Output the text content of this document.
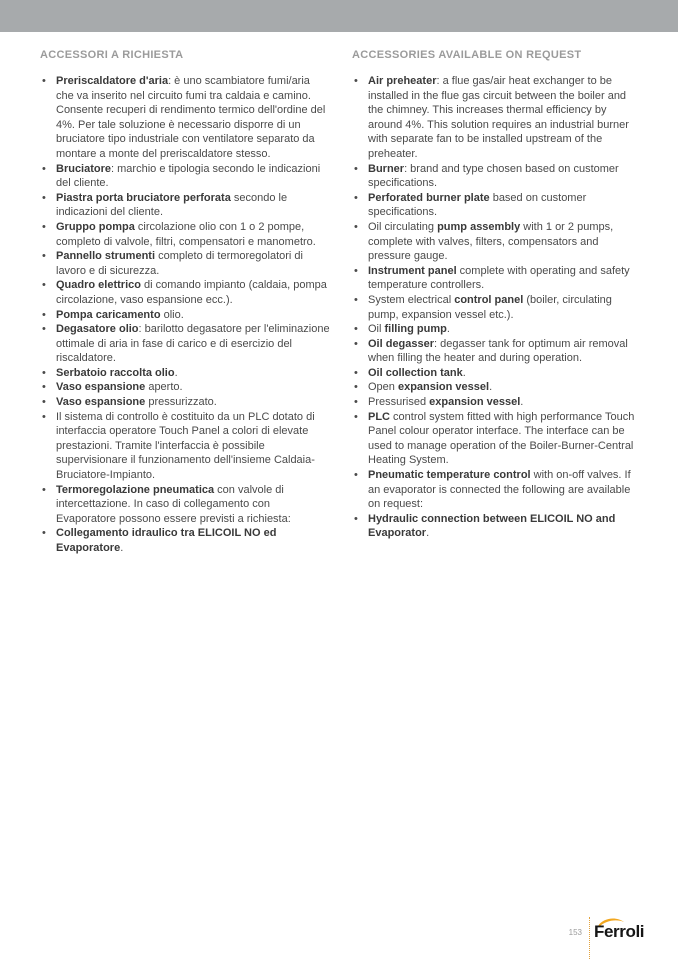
ACCESSORI A RICHIESTA
• Preriscaldatore d'aria: è uno scambiatore fumi/aria che va inserito nel circuito fumi tra caldaia e camino. Consente recuperi di rendimento termico dell'ordine del 4%. Per tale soluzione è necessario disporre di un bruciatore tipo industriale con ventilatore separato da montare a monte del preriscaldatore stesso.
• Bruciatore: marchio e tipologia secondo le indicazioni del cliente.
• Piastra porta bruciatore perforata secondo le indicazioni del cliente.
• Gruppo pompa circolazione olio con 1 o 2 pompe, completo di valvole, filtri, compensatori e manometro.
• Pannello strumenti completo di termoregolatori di lavoro e di sicurezza.
• Quadro elettrico di comando impianto (caldaia, pompa circolazione, vaso espansione ecc.).
• Pompa caricamento olio.
• Degasatore olio: barilotto degasatore per l'eliminazione ottimale di aria in fase di carico e di esercizio del riscaldatore.
• Serbatoio raccolta olio.
• Vaso espansione aperto.
• Vaso espansione pressurizzato.
• Il sistema di controllo è costituito da un PLC dotato di interfaccia operatore Touch Panel a colori di elevate prestazioni. Tramite l'interfaccia è possibile supervisionare il funzionamento dell'insieme Caldaia-Bruciatore-Impianto.
• Termoregolazione pneumatica con valvole di intercettazione. In caso di collegamento con Evaporatore possono essere previsti a richiesta:
• Collegamento idraulico tra ELICOIL NO ed Evaporatore.
ACCESSORIES AVAILABLE ON REQUEST
• Air preheater: a flue gas/air heat exchanger to be installed in the flue gas circuit between the boiler and the chimney. This increases thermal efficiency by around 4%. This solution requires an industrial burner with separate fan to be installed upstream of the preheater.
• Burner: brand and type chosen based on customer specifications.
• Perforated burner plate based on customer specifications.
• Oil circulating pump assembly with 1 or 2 pumps, complete with valves, filters, compensators and pressure gauge.
• Instrument panel complete with operating and safety temperature controllers.
• System electrical control panel (boiler, circulating pump, expansion vessel etc.).
• Oil filling pump.
• Oil degasser: degasser tank for optimum air removal when filling the heater and during operation.
• Oil collection tank.
• Open expansion vessel.
• Pressurised expansion vessel.
• PLC control system fitted with high performance Touch Panel colour operator interface. The interface can be used to manage operation of the Boiler-Burner-Central Heating System.
• Pneumatic temperature control with on-off valves. If an evaporator is connected the following are available on request:
• Hydraulic connection between ELICOIL NO and Evaporator.
153 Ferroli
